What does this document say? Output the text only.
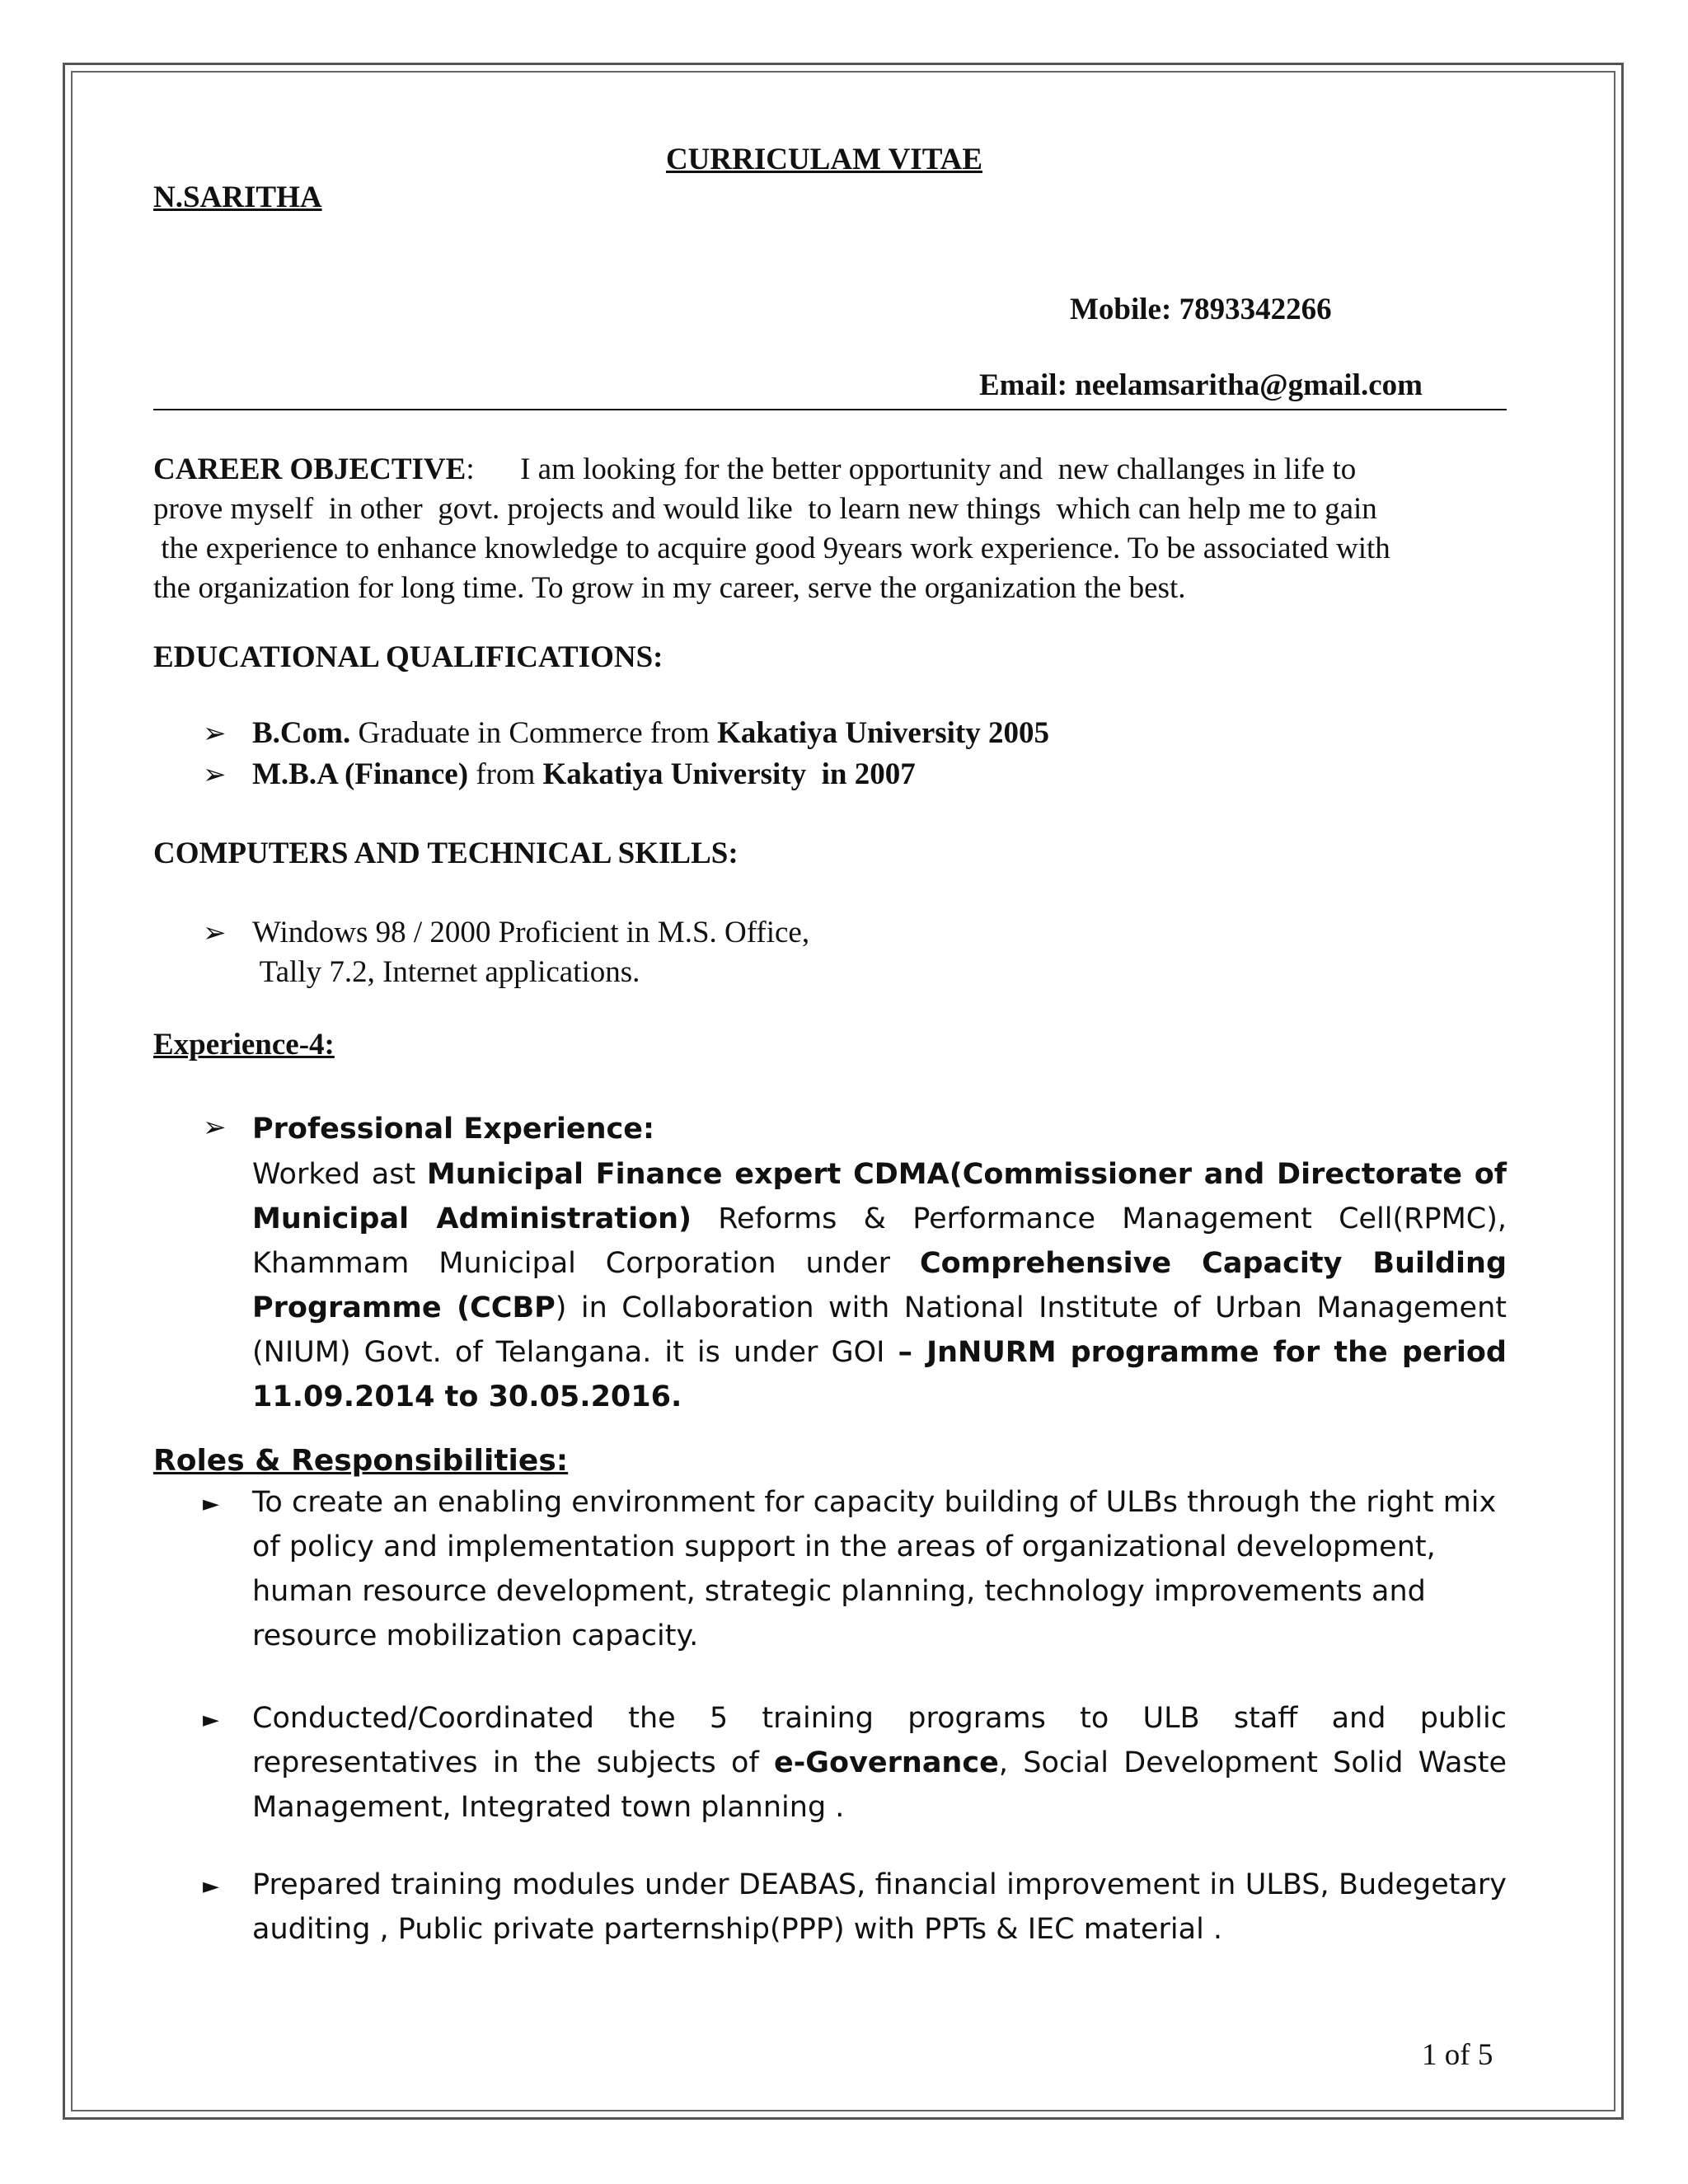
CURRICULAM VITAE
N.SARITHA
Mobile: 7893342266
Email: neelamsaritha@gmail.com
CAREER OBJECTIVE:      I am looking for the better opportunity and  new challanges in life to
prove myself  in other  govt. projects and would like  to learn new things  which can help me to gain
the experience to enhance knowledge to acquire good 9years work experience. To be associated with
the organization for long time. To grow in my career, serve the organization the best.
EDUCATIONAL QUALIFICATIONS:
➢ B.Com. Graduate in Commerce from Kakatiya University 2005
➢ M.B.A (Finance) from Kakatiya University  in 2007
COMPUTERS AND TECHNICAL SKILLS:
➢ Windows 98 / 2000 Proficient in M.S. Office,
Tally 7.2, Internet applications.
Experience-4:
➢ Professional Experience:
Worked ast Municipal Finance expert CDMA(Commissioner and Directorate of Municipal Administration) Reforms & Performance Management Cell(RPMC), Khammam Municipal Corporation under Comprehensive Capacity Building Programme (CCBP) in Collaboration with National Institute of Urban Management (NIUM) Govt. of Telangana. it is under GOI – JnNURM programme for the period 11.09.2014 to 30.05.2016.
Roles & Responsibilities:
► To create an enabling environment for capacity building of ULBs through the right mix of policy and implementation support in the areas of organizational development, human resource development, strategic planning, technology improvements and resource mobilization capacity.
► Conducted/Coordinated the 5 training programs to ULB staff and public representatives in the subjects of e-Governance, Social Development Solid Waste Management, Integrated town planning .
► Prepared training modules under DEABAS, financial improvement in ULBS, Budegetary auditing , Public private parternship(PPP) with PPTs & IEC material .
1 of 5
